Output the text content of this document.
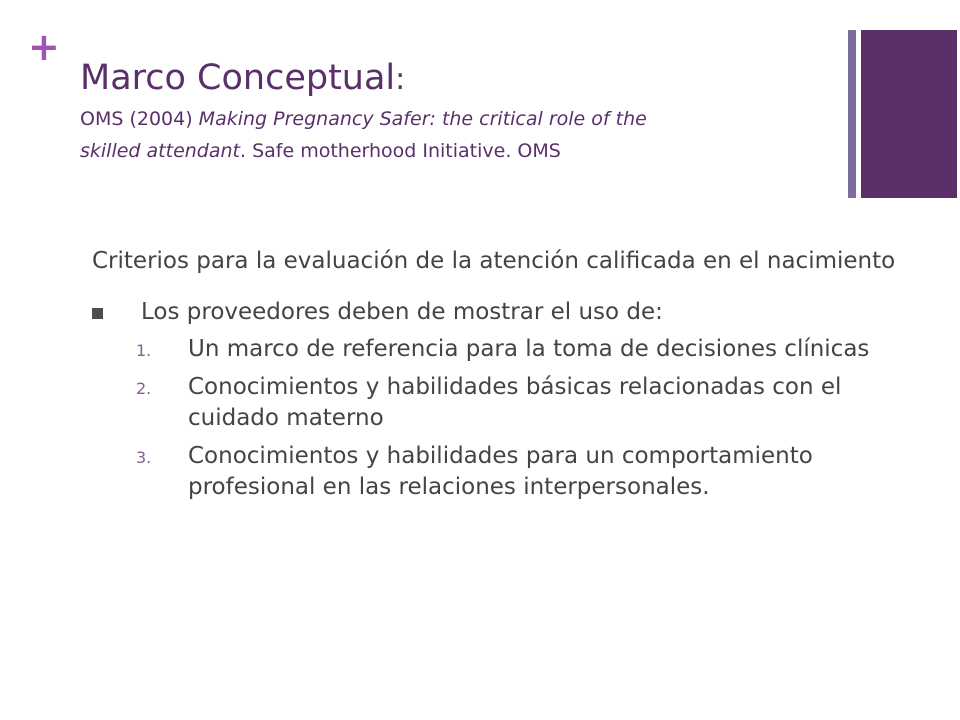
+
Marco Conceptual:

OMS (2004) Making Pregnancy Safer: the critical role of the
skilled attendant. Safe motherhood Initiative. OMS

Criterios para la evaluación de la atención calificada en el nacimiento

Los proveedores deben de mostrar el uso de:
1.	Un marco de referencia para la toma de decisiones clínicas
2.	Conocimientos y habilidades básicas relacionadas con el cuidado materno
3.	Conocimientos y habilidades para un comportamiento profesional en las relaciones interpersonales.
